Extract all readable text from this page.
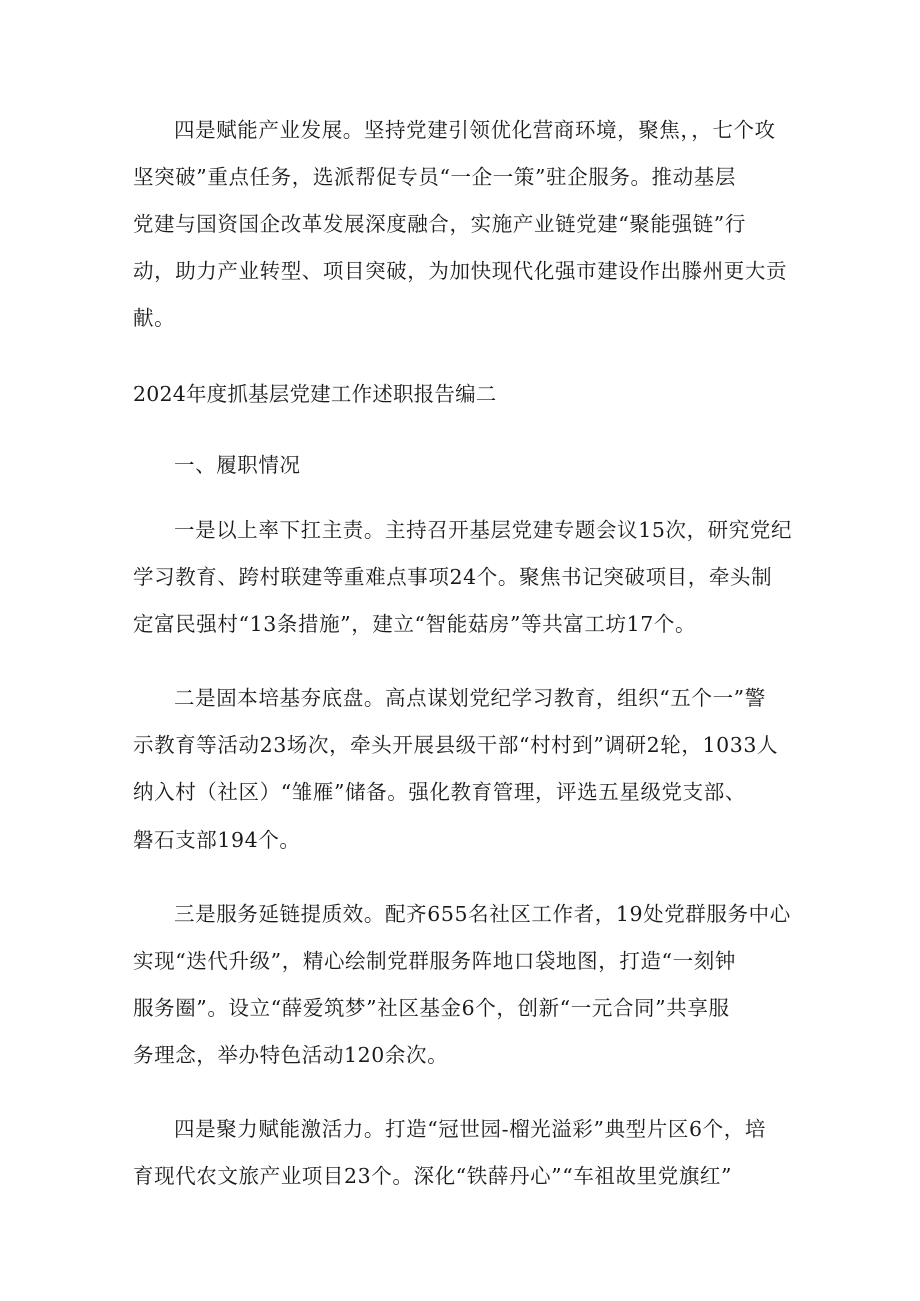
四是赋能产业发展。坚持党建引领优化营商环境，聚焦，，七个攻
坚突破”重点任务，选派帮促专员“一企一策”驻企服务。推动基层
党建与国资国企改革发展深度融合，实施产业链党建“聚能强链”行
动，助力产业转型、项目突破，为加快现代化强市建设作出滕州更大贡
献。
2024年度抓基层党建工作述职报告编二
一、履职情况
一是以上率下扛主责。主持召开基层党建专题会议15次，研究党纪
学习教育、跨村联建等重难点事项24个。聚焦书记突破项目，牵头制
定富民强村“13条措施”，建立“智能菇房”等共富工坊17个。
二是固本培基夯底盘。高点谋划党纪学习教育，组织“五个一”警
示教育等活动23场次，牵头开展县级干部“村村到”调研2轮，1033人
纳入村（社区）“雏雁”储备。强化教育管理，评选五星级党支部、
磐石支部194个。
三是服务延链提质效。配齐655名社区工作者，19处党群服务中心
实现“迭代升级”，精心绘制党群服务阵地口袋地图，打造“一刻钟
服务圈”。设立“薛爱筑梦”社区基金6个，创新“一元合同”共享服
务理念，举办特色活动120余次。
四是聚力赋能激活力。打造“冠世园-榴光溢彩”典型片区6个，培
育现代农文旅产业项目23个。深化“铁薛丹心”“车祖故里党旗红”
